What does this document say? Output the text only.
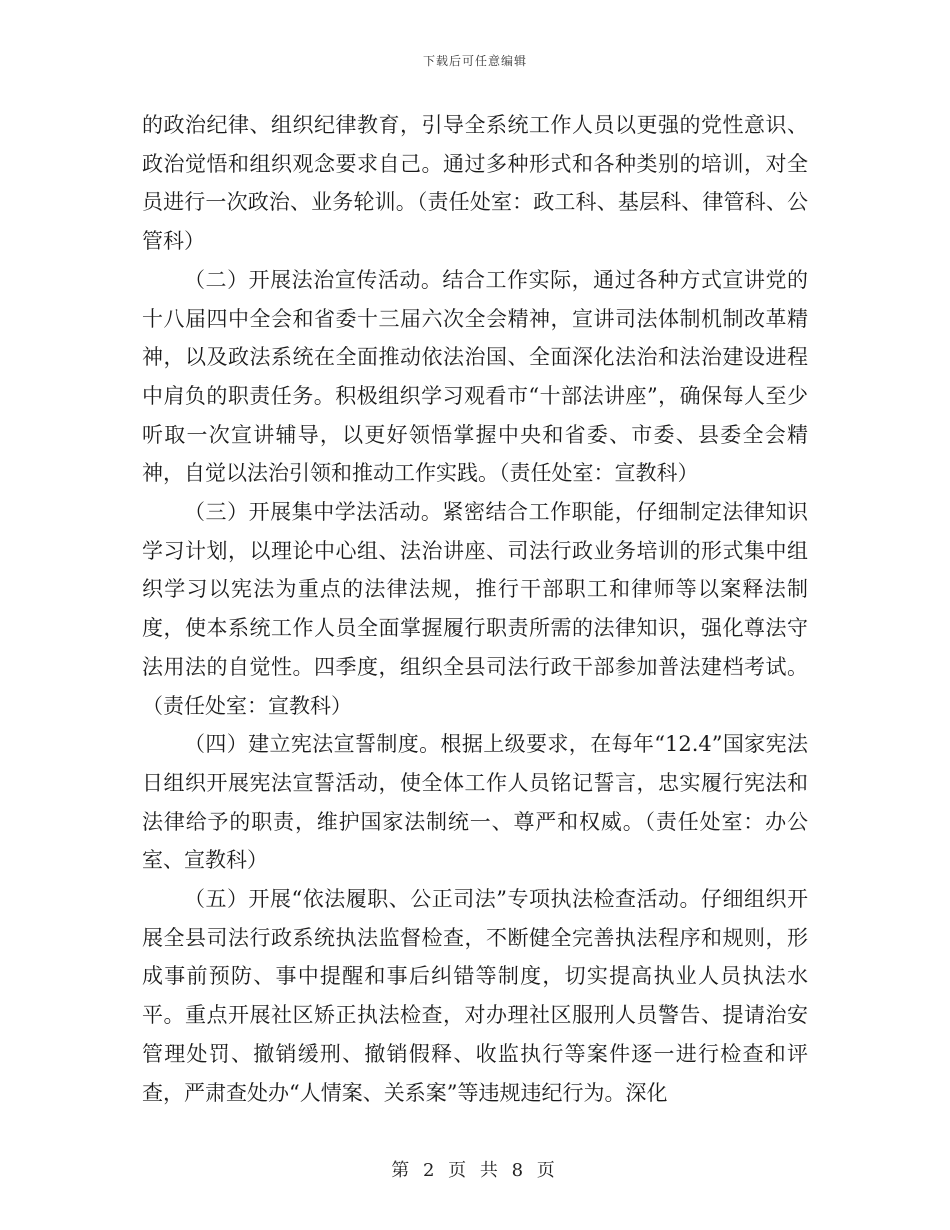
下载后可任意编辑

的政治纪律、组织纪律教育，引导全系统工作人员以更强的党性意识、政治觉悟和组织观念要求自己。通过多种形式和各种类别的培训，对全员进行一次政治、业务轮训。（责任处室：政工科、基层科、律管科、公管科）

（二）开展法治宣传活动。结合工作实际，通过各种方式宣讲党的十八届四中全会和省委十三届六次全会精神，宣讲司法体制机制改革精神，以及政法系统在全面推动依法治国、全面深化法治和法治建设进程中肩负的职责任务。积极组织学习观看市“十部法讲座”，确保每人至少听取一次宣讲辅导，以更好领悟掌握中央和省委、市委、县委全会精神，自觉以法治引领和推动工作实践。（责任处室：宣教科）

（三）开展集中学法活动。紧密结合工作职能，仔细制定法律知识学习计划，以理论中心组、法治讲座、司法行政业务培训的形式集中组织学习以宪法为重点的法律法规，推行干部职工和律师等以案释法制度，使本系统工作人员全面掌握履行职责所需的法律知识，强化尊法守法用法的自觉性。四季度，组织全县司法行政干部参加普法建档考试。（责任处室：宣教科）

（四）建立宪法宣誓制度。根据上级要求，在每年“12.4”国家宪法日组织开展宪法宣誓活动，使全体工作人员铭记誓言，忠实履行宪法和法律给予的职责，维护国家法制统一、尊严和权威。（责任处室：办公室、宣教科）

（五）开展“依法履职、公正司法”专项执法检查活动。仔细组织开展全县司法行政系统执法监督检查，不断健全完善执法程序和规则，形成事前预防、事中提醒和事后纠错等制度，切实提高执业人员执法水平。重点开展社区矫正执法检查，对办理社区服刑人员警告、提请治安管理处罚、撤销缓刑、撤销假释、收监执行等案件逐一进行检查和评查，严肃查处办“人情案、关系案”等违规违纪行为。深化

第 2 页 共 8 页
